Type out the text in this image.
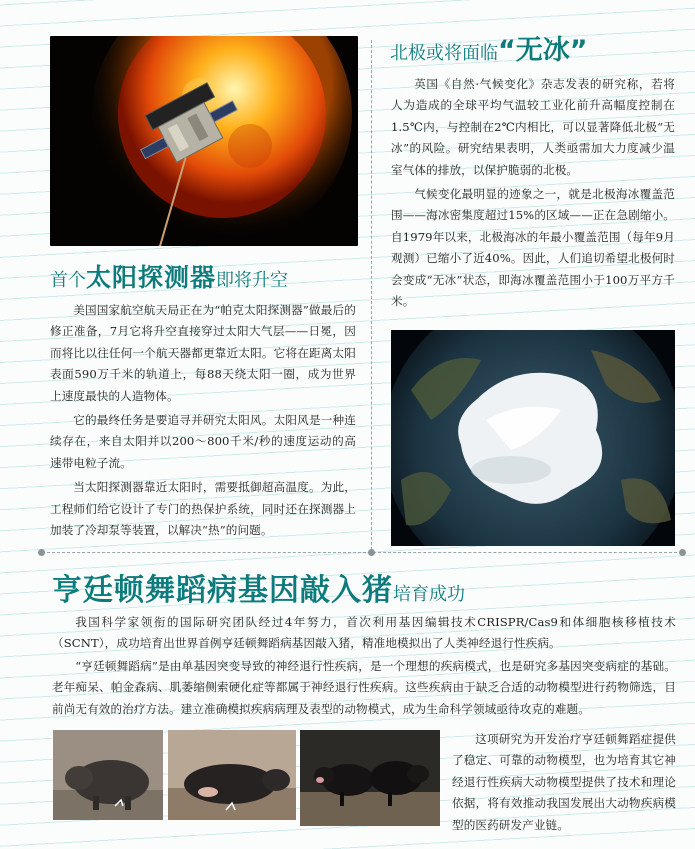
首个太阳探测器即将升空

美国国家航空航天局正在为“帕克太阳探测器”做最后的修正准备，7月它将升空直接穿过太阳大气层——日冕，因而将比以往任何一个航天器都更靠近太阳。它将在距离太阳表面590万千米的轨道上，每88天绕太阳一圈，成为世界上速度最快的人造物体。

它的最终任务是要追寻并研究太阳风。太阳风是一种连续存在，来自太阳并以200～800千米/秒的速度运动的高速带电粒子流。

当太阳探测器靠近太阳时，需要抵御超高温度。为此，工程师们给它设计了专门的热保护系统，同时还在探测器上加装了冷却泵等装置，以解决“热”的问题。

北极或将面临“无冰”

英国《自然·气候变化》杂志发表的研究称，若将人为造成的全球平均气温较工业化前升高幅度控制在1.5℃内，与控制在2℃内相比，可以显著降低北极“无冰”的风险。研究结果表明，人类亟需加大力度减少温室气体的排放，以保护脆弱的北极。

气候变化最明显的迹象之一，就是北极海冰覆盖范围——海冰密集度超过15%的区域——正在急剧缩小。自1979年以来，北极海冰的年最小覆盖范围（每年9月观测）已缩小了近40%。因此，人们追切希望北极何时会变成“无冰”状态，即海冰覆盖范围小于100万平方千米。

亨廷顿舞蹈病基因敲入猪培育成功

我国科学家领衔的国际研究团队经过4年努力，首次利用基因编辑技术CRISPR/Cas9和体细胞核移植技术（SCNT），成功培育出世界首例亨廷顿舞蹈病基因敲入猪，精准地模拟出了人类神经退行性疾病。

“亨廷顿舞蹈病”是由单基因突变导致的神经退行性疾病，是一个理想的疾病模式，也是研究多基因突变病症的基础。老年痴呆、帕金森病、肌萎缩侧索硬化症等都属于神经退行性疾病。这些疾病由于缺乏合适的动物模型进行药物筛选，目前尚无有效的治疗方法。建立准确模拟疾病病理及表型的动物模式，成为生命科学领域亟待攻克的难题。

这项研究为开发治疗亨廷顿舞蹈症提供了稳定、可靠的动物模型，也为培育其它神经退行性疾病大动物模型提供了技术和理论依据，将有效推动我国发展出大动物疾病模型的医药研发产业链。
